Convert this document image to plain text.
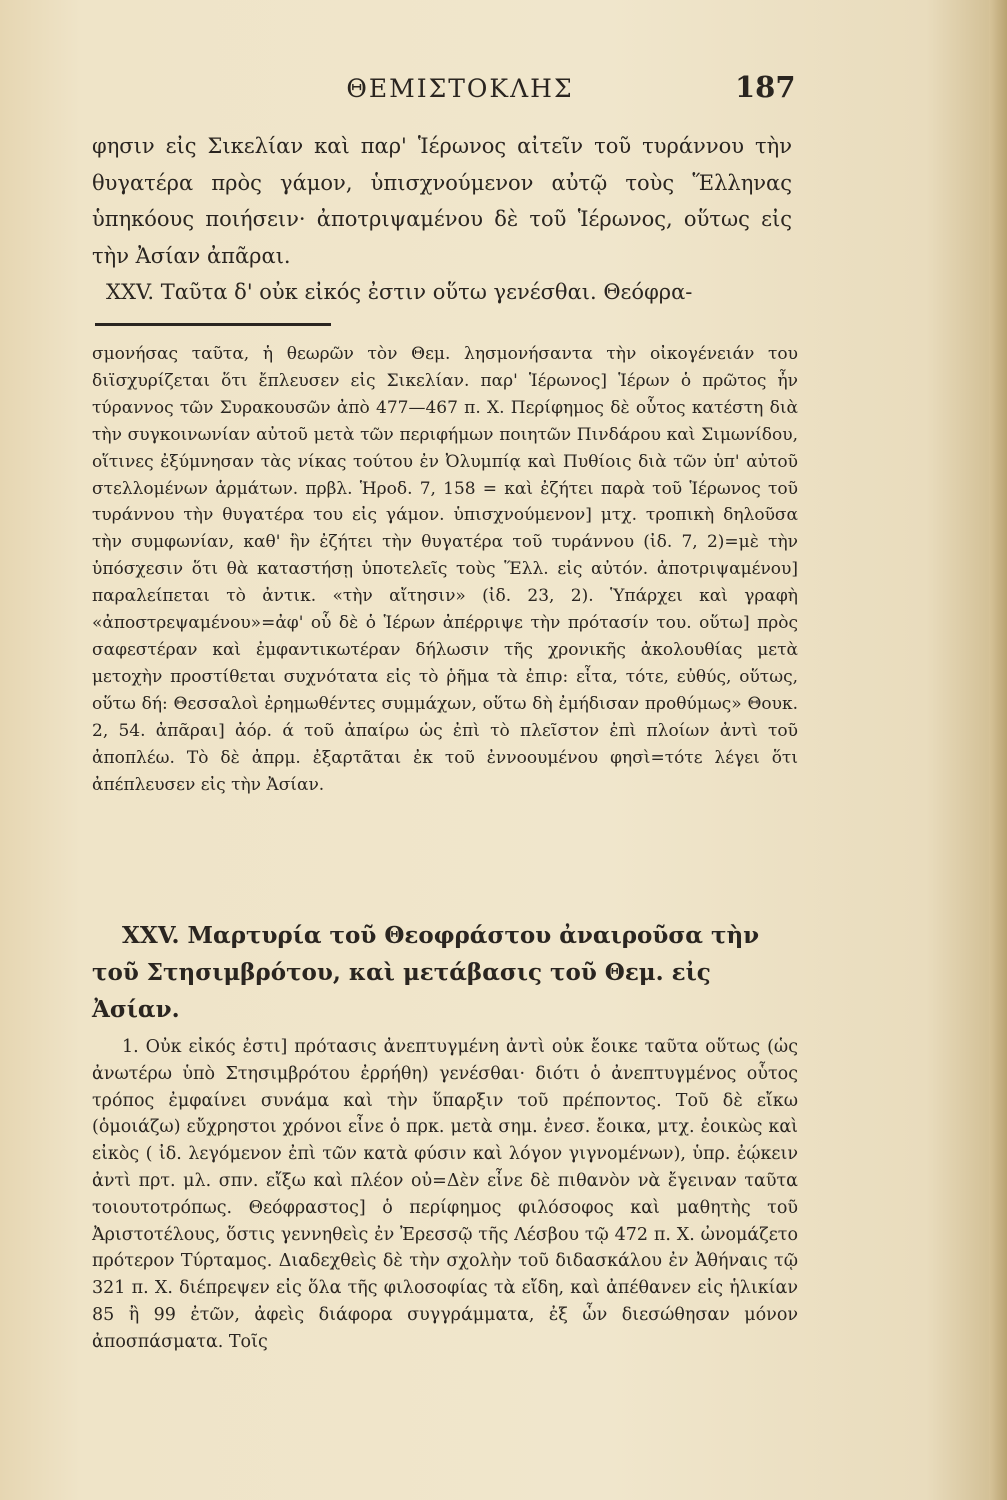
ΘΕΜΙΣΤΟΚΛΗΣ	187

φησιν εἰς Σικελίαν καὶ παρ' Ἱέρωνος αἰτεῖν τοῦ τυράννου τὴν θυγατέρα πρὸς γάμον, ὑπισχνούμενον αὐτῷ τοὺς Ἕλληνας ὑπηκόους ποιήσειν· ἀποτριψαμένου δὲ τοῦ Ἱέρωνος, οὕτως εἰς τὴν Ἀσίαν ἀπᾶραι.

XXV. Ταῦτα δ' οὐκ εἰκός ἐστιν οὕτω γενέσθαι. Θεόφρα-

σμονήσας ταῦτα, ἡ θεωρῶν τὸν Θεμ. λησμονήσαντα τὴν οἰκογένειάν του διϊσχυρίζεται ὅτι ἔπλευσεν εἰς Σικελίαν. παρ' Ἱέρωνος] Ἱέρων ὁ πρῶτος ἦν τύραννος τῶν Συρακουσῶν ἀπὸ 477—467 π. Χ. Περίφημος δὲ οὗτος κατέστη διὰ τὴν συγκοινωνίαν αὐτοῦ μετὰ τῶν περιφήμων ποιητῶν Πινδάρου καὶ Σιμωνίδου, οἵτινες ἐξύμνησαν τὰς νίκας τούτου ἐν Ὀλυμπίᾳ καὶ Πυθίοις διὰ τῶν ὑπ' αὐτοῦ στελλομένων ἁρμάτων. πρβλ. Ἡροδ. 7, 158 = καὶ ἐζήτει παρὰ τοῦ Ἱέρωνος τοῦ τυράννου τὴν θυγατέρα του εἰς γάμον. ὑπισχνούμενον] μτχ. τροπικὴ δηλοῦσα τὴν συμφωνίαν, καθ' ἣν ἐζήτει τὴν θυγατέρα τοῦ τυράννου (ἰδ. 7, 2)=μὲ τὴν ὑπόσχεσιν ὅτι θὰ καταστήσῃ ὑποτελεῖς τοὺς Ἕλλ. εἰς αὐτόν. ἀποτριψαμένου] παραλείπεται τὸ ἀντικ. «τὴν αἴτησιν» (ἰδ. 23, 2). Ὑπάρχει καὶ γραφὴ «ἀποστρεψαμένου»=ἀφ' οὗ δὲ ὁ Ἱέρων ἀπέρριψε τὴν πρότασίν του. οὕτω] πρὸς σαφεστέραν καὶ ἐμφαντικωτέραν δήλωσιν τῆς χρονικῆς ἀκολουθίας μετὰ μετοχὴν προστίθεται συχνότατα εἰς τὸ ῥῆμα τὰ ἐπιρ: εἶτα, τότε, εὐθύς, οὕτως, οὕτω δή: Θεσσαλοὶ ἐρημωθέντες συμμάχων, οὕτω δὴ ἐμήδισαν προθύμως» Θουκ. 2, 54. ἀπᾶραι] ἀόρ. ά τοῦ ἀπαίρω ὡς ἐπὶ τὸ πλεῖστον ἐπὶ πλοίων ἀντὶ τοῦ ἀποπλέω. Τὸ δὲ ἀπρμ. ἐξαρτᾶται ἐκ τοῦ ἐννοουμένου φησὶ=τότε λέγει ὅτι ἀπέπλευσεν εἰς τὴν Ἀσίαν.

XXV. Μαρτυρία τοῦ Θεοφράστου ἀναιροῦσα τὴν τοῦ Στησιμβρότου, καὶ μετάβασις τοῦ Θεμ. εἰς Ἀσίαν.

1. Οὐκ εἰκός ἐστι] πρότασις ἀνεπτυγμένη ἀντὶ οὐκ ἔοικε ταῦτα οὕτως (ὡς ἀνωτέρω ὑπὸ Στησιμβρότου ἐρρήθη) γενέσθαι· διότι ὁ ἀνεπτυγμένος οὗτος τρόπος ἐμφαίνει συνάμα καὶ τὴν ὕπαρξιν τοῦ πρέποντος. Τοῦ δὲ εἴκω (ὁμοιάζω) εὔχρηστοι χρόνοι εἶνε ὁ πρκ. μετὰ σημ. ἐνεσ. ἔοικα, μτχ. ἐοικὼς καὶ εἰκὸς ( ἰδ. λεγόμενον ἐπὶ τῶν κατὰ φύσιν καὶ λόγον γιγνομένων), ὑπρ. ἐῴκειν ἀντὶ πρτ. μλ. σπν. εἴξω καὶ πλέον οὐ=Δὲν εἶνε δὲ πιθανὸν νὰ ἔγειναν ταῦτα τοιουτοτρόπως. Θεόφραστος] ὁ περίφημος φιλόσοφος καὶ μαθητὴς τοῦ Ἀριστοτέλους, ὅστις γεννηθεὶς ἐν Ἐρεσσῷ τῆς Λέσβου τῷ 472 π. Χ. ὠνομάζετο πρότερον Τύρταμος. Διαδεχθεὶς δὲ τὴν σχολὴν τοῦ διδασκάλου ἐν Ἀθήναις τῷ 321 π. Χ. διέπρεψεν εἰς ὅλα τῆς φιλοσοφίας τὰ εἴδη, καὶ ἀπέθανεν εἰς ἡλικίαν 85 ἢ 99 ἐτῶν, ἀφεὶς διάφορα συγγράμματα, ἐξ ὧν διεσώθησαν μόνον ἀποσπάσματα. Τοῖς
